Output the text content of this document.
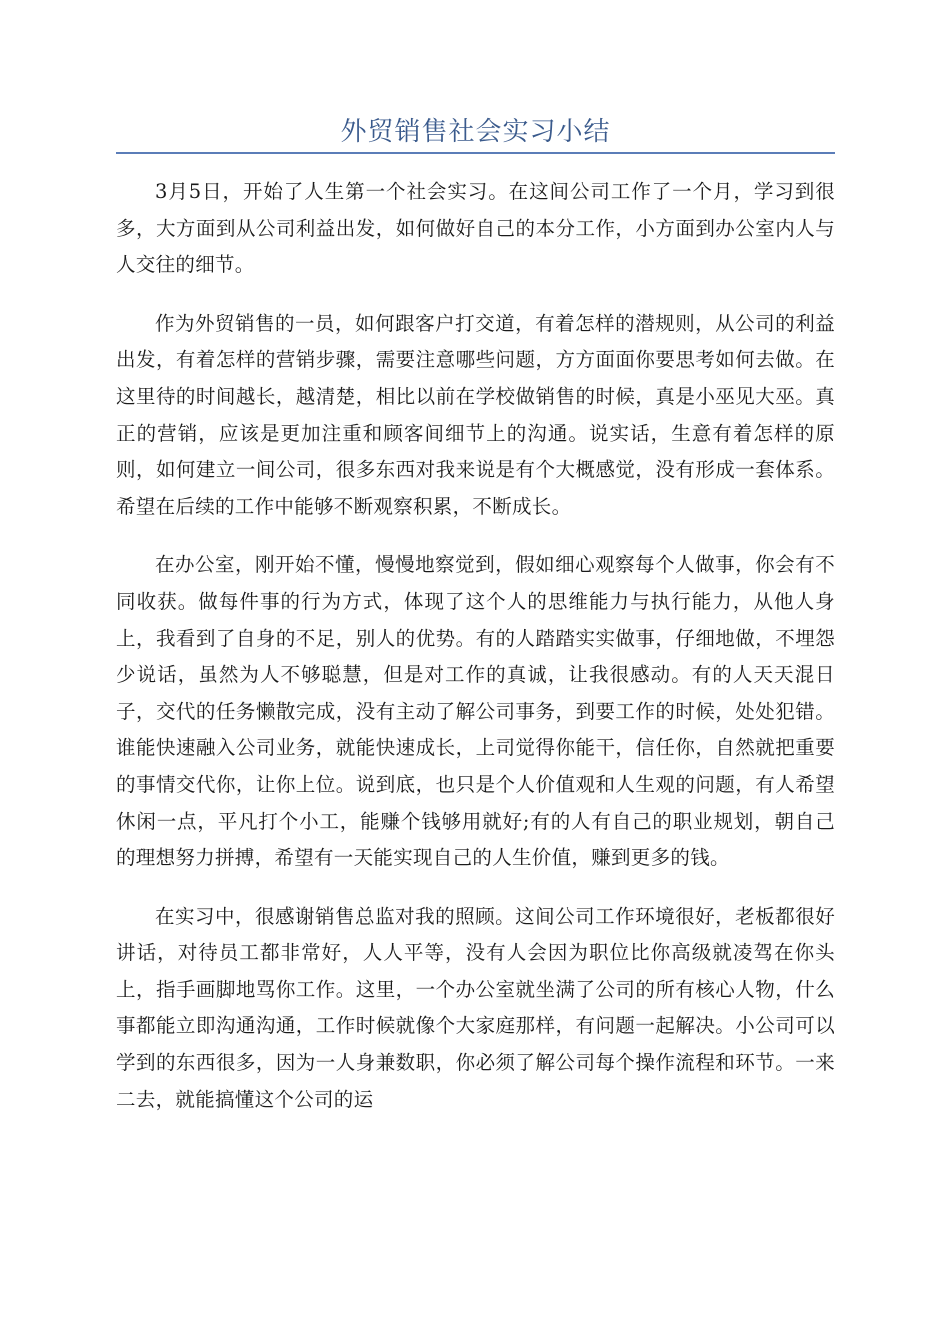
外贸销售社会实习小结

3月5日，开始了人生第一个社会实习。在这间公司工作了一个月，学习到很多，大方面到从公司利益出发，如何做好自己的本分工作，小方面到办公室内人与人交往的细节。

作为外贸销售的一员，如何跟客户打交道，有着怎样的潜规则，从公司的利益出发，有着怎样的营销步骤，需要注意哪些问题，方方面面你要思考如何去做。在这里待的时间越长，越清楚，相比以前在学校做销售的时候，真是小巫见大巫。真正的营销，应该是更加注重和顾客间细节上的沟通。说实话，生意有着怎样的原则，如何建立一间公司，很多东西对我来说是有个大概感觉，没有形成一套体系。希望在后续的工作中能够不断观察积累，不断成长。

在办公室，刚开始不懂，慢慢地察觉到，假如细心观察每个人做事，你会有不同收获。做每件事的行为方式，体现了这个人的思维能力与执行能力，从他人身上，我看到了自身的不足，别人的优势。有的人踏踏实实做事，仔细地做，不埋怨少说话，虽然为人不够聪慧，但是对工作的真诚，让我很感动。有的人天天混日子，交代的任务懒散完成，没有主动了解公司事务，到要工作的时候，处处犯错。谁能快速融入公司业务，就能快速成长，上司觉得你能干，信任你，自然就把重要的事情交代你，让你上位。说到底，也只是个人价值观和人生观的问题，有人希望休闲一点，平凡打个小工，能赚个钱够用就好;有的人有自己的职业规划，朝自己的理想努力拼搏，希望有一天能实现自己的人生价值，赚到更多的钱。

在实习中，很感谢销售总监对我的照顾。这间公司工作环境很好，老板都很好讲话，对待员工都非常好，人人平等，没有人会因为职位比你高级就凌驾在你头上，指手画脚地骂你工作。这里，一个办公室就坐满了公司的所有核心人物，什么事都能立即沟通沟通，工作时候就像个大家庭那样，有问题一起解决。小公司可以学到的东西很多，因为一人身兼数职，你必须了解公司每个操作流程和环节。一来二去，就能搞懂这个公司的运
